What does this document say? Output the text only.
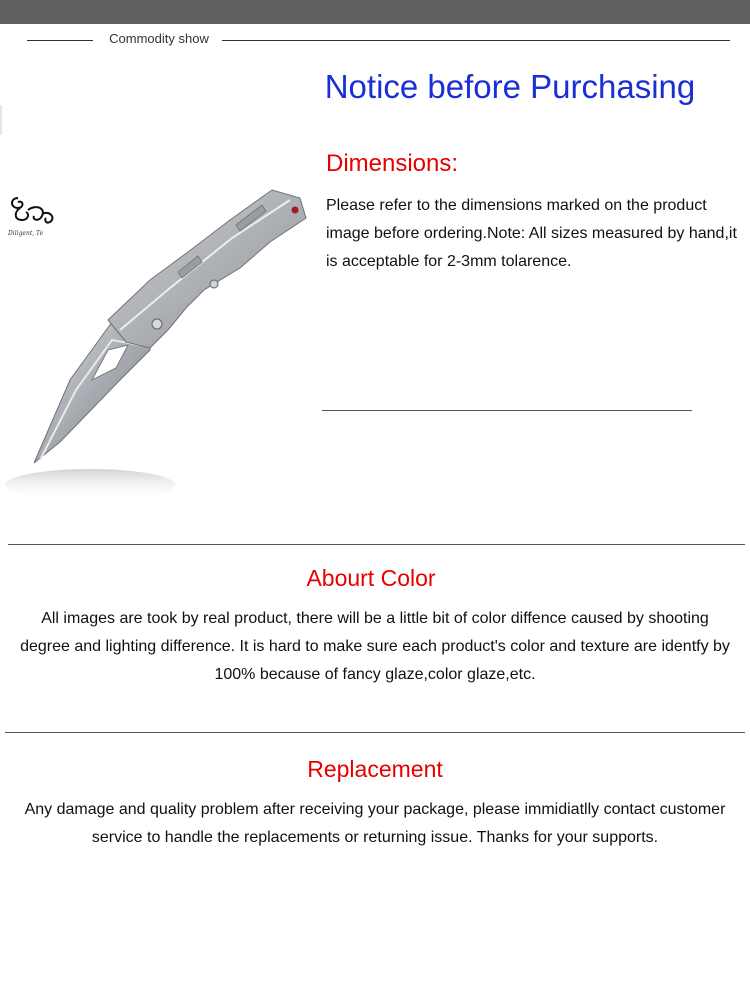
Commodity show
Diligent, Te
Notice before Purchasing
Dimensions:
Please refer to the dimensions marked on the product image before ordering.Note: All sizes measured by hand,it is acceptable for 2-3mm tolarence.
Abourt Color
All images are took by real product, there will be a little bit of color diffence caused by shooting degree and lighting difference. It is hard to make sure each product's color and texture are identfy by 100% because of fancy glaze,color glaze,etc.
Replacement
Any damage and quality problem after receiving your package, please immidiatlly contact customer service to handle the replacements or returning issue. Thanks for your supports.
